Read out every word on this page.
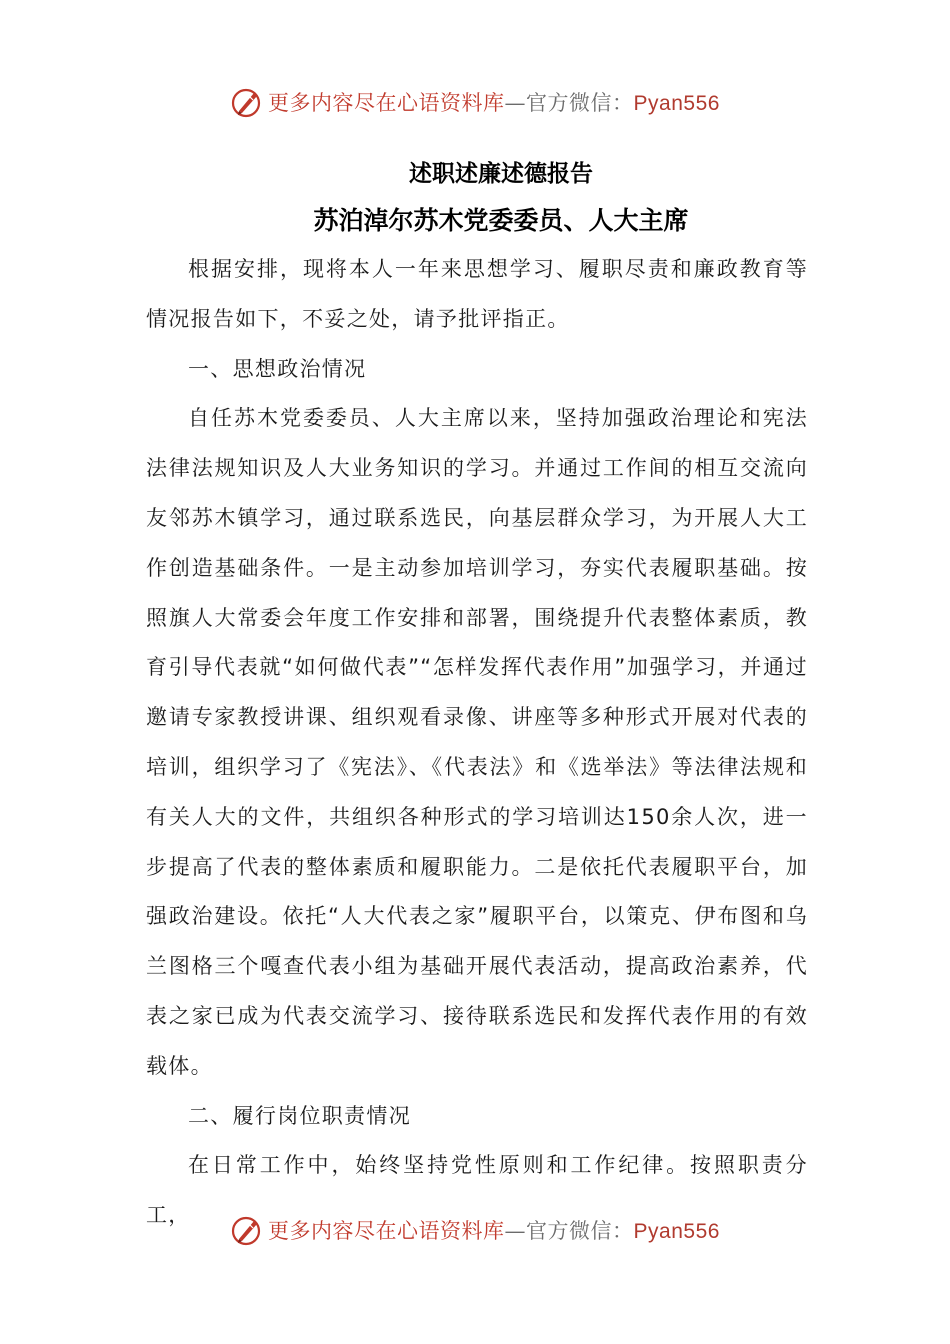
更多内容尽在心语资料库—官方微信：Pyan556
述职述廉述德报告
苏泊淖尔苏木党委委员、人大主席

根据安排，现将本人一年来思想学习、履职尽责和廉政教育等情况报告如下，不妥之处，请予批评指正。

一、思想政治情况

自任苏木党委委员、人大主席以来，坚持加强政治理论和宪法法律法规知识及人大业务知识的学习。并通过工作间的相互交流向友邻苏木镇学习，通过联系选民，向基层群众学习，为开展人大工作创造基础条件。一是主动参加培训学习，夯实代表履职基础。按照旗人大常委会年度工作安排和部署，围绕提升代表整体素质，教育引导代表就“如何做代表”“怎样发挥代表作用”加强学习，并通过邀请专家教授讲课、组织观看录像、讲座等多种形式开展对代表的培训，组织学习了《宪法》、《代表法》和《选举法》等法律法规和有关人大的文件，共组织各种形式的学习培训达150余人次，进一步提高了代表的整体素质和履职能力。二是依托代表履职平台，加强政治建设。依托“人大代表之家”履职平台，以策克、伊布图和乌兰图格三个嘎查代表小组为基础开展代表活动，提高政治素养，代表之家已成为代表交流学习、接待联系选民和发挥代表作用的有效载体。

二、履行岗位职责情况

在日常工作中，始终坚持党性原则和工作纪律。按照职责分工，

更多内容尽在心语资料库—官方微信：Pyan556
